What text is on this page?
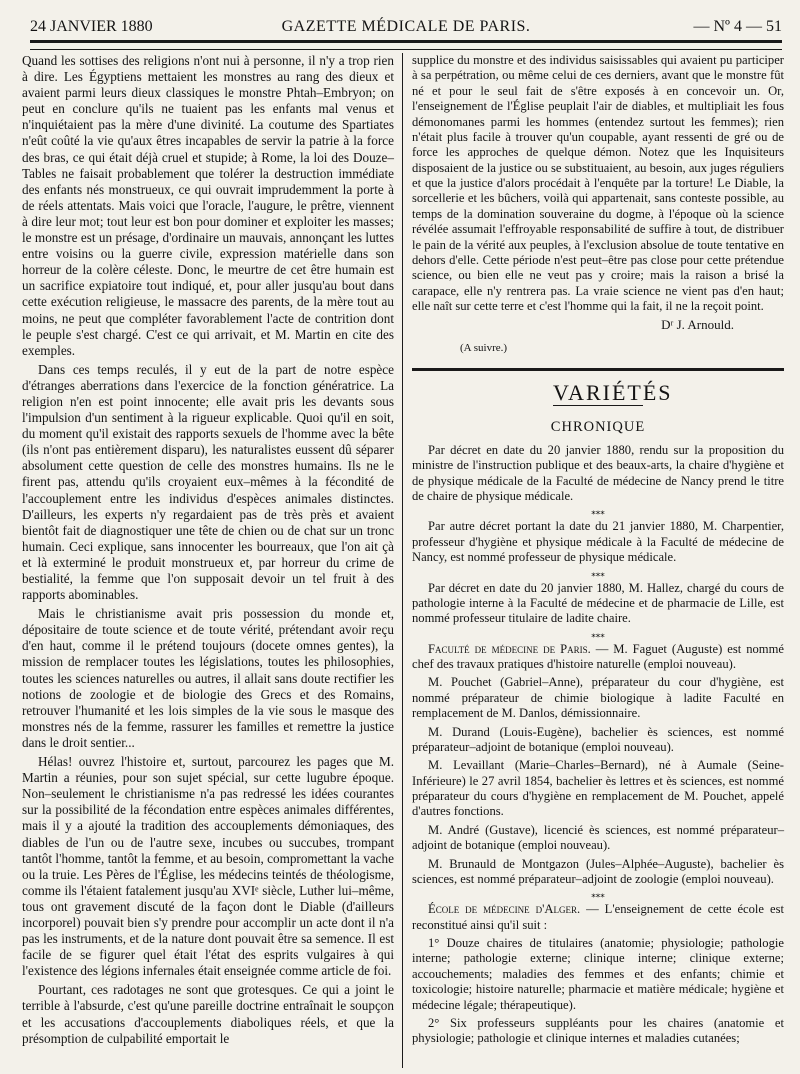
24 JANVIER 1880	GAZETTE MÉDICALE DE PARIS.	— Nº 4 — 51

Quand les sottises des religions n'ont nui à personne, il n'y a trop rien à dire. Les Égyptiens mettaient les monstres au rang des dieux et avaient parmi leurs dieux classiques le monstre Phtah–Embryon; on peut en conclure qu'ils ne tuaient pas les enfants mal venus et n'inquiétaient pas la mère d'une divinité. La coutume des Spartiates n'eût coûté la vie qu'aux êtres incapables de servir la patrie à la force des bras, ce qui était déjà cruel et stupide; à Rome, la loi des Douze–Tables ne faisait probablement que tolérer la destruction immédiate des enfants nés monstrueux, ce qui ouvrait imprudemment la porte à de réels attentats. Mais voici que l'oracle, l'augure, le prêtre, viennent à dire leur mot; tout leur est bon pour dominer et exploiter les masses; le monstre est un présage, d'ordinaire un mauvais, annonçant les luttes entre voisins ou la guerre civile, expression matérielle dans son horreur de la colère céleste. Donc, le meurtre de cet être humain est un sacrifice expiatoire tout indiqué, et, pour aller jusqu'au bout dans cette exécution religieuse, le massacre des parents, de la mère tout au moins, ne peut que compléter favorablement l'acte de contrition dont le peuple s'est chargé. C'est ce qui arrivait, et M. Martin en cite des exemples.

Dans ces temps reculés, il y eut de la part de notre espèce d'étranges aberrations dans l'exercice de la fonction génératrice. La religion n'en est point innocente; elle avait pris les devants sous l'impulsion d'un sentiment à la rigueur explicable. Quoi qu'il en soit, du moment qu'il existait des rapports sexuels de l'homme avec la bête (ils n'ont pas entièrement disparu), les naturalistes eussent dû séparer absolument cette question de celle des monstres humains. Ils ne le firent pas, attendu qu'ils croyaient eux–mêmes à la fécondité de l'accouplement entre les individus d'espèces animales distinctes. D'ailleurs, les experts n'y regardaient pas de très près et avaient bientôt fait de diagnostiquer une tête de chien ou de chat sur un tronc humain. Ceci explique, sans innocenter les bourreaux, que l'on ait çà et là exterminé le produit monstrueux et, par horreur du crime de bestialité, la femme que l'on supposait devoir un tel fruit à des rapports abominables.

Mais le christianisme avait pris possession du monde et, dépositaire de toute science et de toute vérité, prétendant avoir reçu d'en haut, comme il le prétend toujours (docete omnes gentes), la mission de remplacer toutes les législations, toutes les philosophies, toutes les sciences naturelles ou autres, il allait sans doute rectifier les notions de zoologie et de biologie des Grecs et des Romains, retrouver l'humanité et les lois simples de la vie sous le masque des monstres nés de la femme, rassurer les familles et remettre la justice dans le droit sentier...

Hélas! ouvrez l'histoire et, surtout, parcourez les pages que M. Martin a réunies, pour son sujet spécial, sur cette lugubre époque. Non–seulement le christianisme n'a pas redressé les idées courantes sur la possibilité de la fécondation entre espèces animales différentes, mais il y a ajouté la tradition des accouplements démoniaques, des diables de l'un ou de l'autre sexe, incubes ou succubes, trompant tantôt l'homme, tantôt la femme, et au besoin, compromettant la vache ou la truie. Les Pères de l'Église, les médecins teintés de théologisme, comme ils l'étaient fatalement jusqu'au XVIᵉ siècle, Luther lui–même, tous ont gravement discuté de la façon dont le Diable (d'ailleurs incorporel) pouvait bien s'y prendre pour accomplir un acte dont il n'a pas les instruments, et de la nature dont pouvait être sa semence. Il est facile de se figurer quel était l'état des esprits vulgaires à qui l'existence des légions infernales était enseignée comme article de foi.

Pourtant, ces radotages ne sont que grotesques. Ce qui a joint le terrible à l'absurde, c'est qu'une pareille doctrine entraînait le soupçon et les accusations d'accouplements diaboliques réels, et que la présomption de culpabilité emportait le

supplice du monstre et des individus saisissables qui avaient pu participer à sa perpétration, ou même celui de ces derniers, avant que le monstre fût né et pour le seul fait de s'être exposés à en concevoir un. Or, l'enseignement de l'Église peuplait l'air de diables, et multipliait les fous démonomanes parmi les hommes (entendez surtout les femmes); rien n'était plus facile à trouver qu'un coupable, ayant ressenti de gré ou de force les approches de quelque démon. Notez que les Inquisiteurs disposaient de la justice ou se substituaient, au besoin, aux juges réguliers et que la justice d'alors procédait à l'enquête par la torture! Le Diable, la sorcellerie et les bûchers, voilà qui appartenait, sans conteste possible, au temps de la domination souveraine du dogme, à l'époque où la science révélée assumait l'effroyable responsabilité de suffire à tout, de distribuer le pain de la vérité aux peuples, à l'exclusion absolue de toute tentative en dehors d'elle. Cette période n'est peut–être pas close pour cette prétendue science, ou bien elle ne veut pas y croire; mais la raison a brisé la carapace, elle n'y rentrera pas. La vraie science ne vient pas d'en haut; elle naît sur cette terre et c'est l'homme qui la fait, il ne la reçoit point.

Dʳ J. Arnould.
(A suivre.)
VARIÉTÉS
CHRONIQUE

Par décret en date du 20 janvier 1880, rendu sur la proposition du ministre de l'instruction publique et des beaux-arts, la chaire d'hygiène et de physique médicale de la Faculté de médecine de Nancy prend le titre de chaire de physique médicale.

⁎⁎⁎

Par autre décret portant la date du 21 janvier 1880, M. Charpentier, professeur d'hygiène et physique médicale à la Faculté de médecine de Nancy, est nommé professeur de physique médicale.

⁎⁎⁎

Par décret en date du 20 janvier 1880, M. Hallez, chargé du cours de pathologie interne à la Faculté de médecine et de pharmacie de Lille, est nommé professeur titulaire de ladite chaire.

⁎⁎⁎

Faculté de médecine de Paris. — M. Faguet (Auguste) est nommé chef des travaux pratiques d'histoire naturelle (emploi nouveau).

M. Pouchet (Gabriel–Anne), préparateur du cour d'hygiène, est nommé préparateur de chimie biologique à ladite Faculté en remplacement de M. Danlos, démissionnaire.

M. Durand (Louis-Eugène), bachelier ès sciences, est nommé préparateur–adjoint de botanique (emploi nouveau).

M. Levaillant (Marie–Charles–Bernard), né à Aumale (Seine-Inférieure) le 27 avril 1854, bachelier ès lettres et ès sciences, est nommé préparateur du cours d'hygiène en remplacement de M. Pouchet, appelé d'autres fonctions.

M. André (Gustave), licencié ès sciences, est nommé préparateur–adjoint de botanique (emploi nouveau).

M. Brunauld de Montgazon (Jules–Alphée–Auguste), bachelier ès sciences, est nommé préparateur–adjoint de zoologie (emploi nouveau).

⁎⁎⁎

École de médecine d'Alger. — L'enseignement de cette école est reconstitué ainsi qu'il suit :

1° Douze chaires de titulaires (anatomie; physiologie; pathologie interne; pathologie externe; clinique interne; clinique externe; accouchements; maladies des femmes et des enfants; chimie et toxicologie; histoire naturelle; pharmacie et matière médicale; hygiène et médecine légale; thérapeutique).

2° Six professeurs suppléants pour les chaires (anatomie et physiologie; pathologie et clinique internes et maladies cutanées;
